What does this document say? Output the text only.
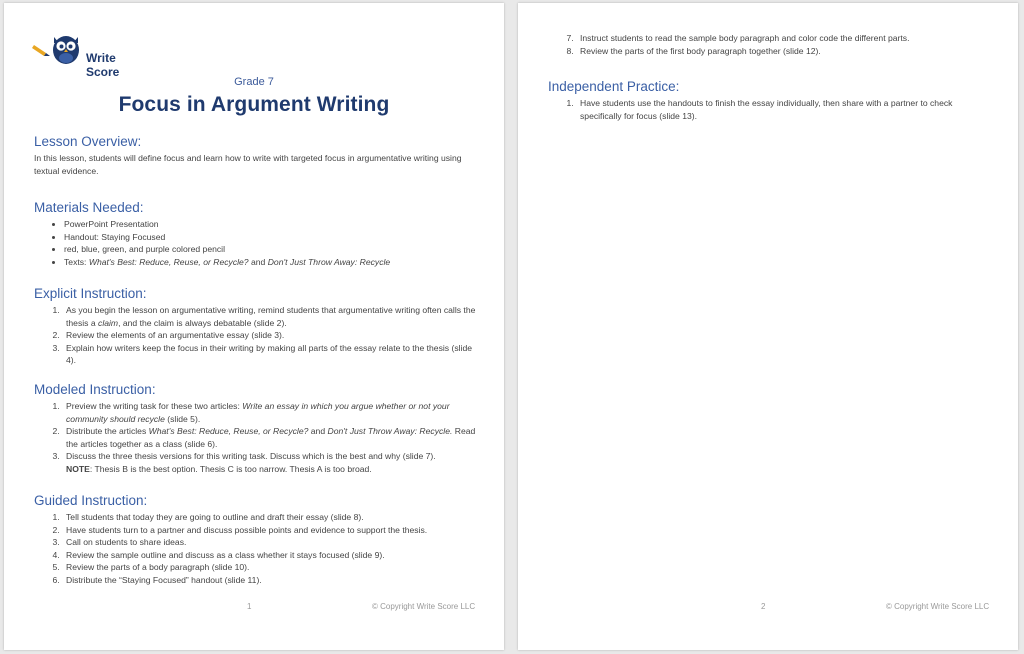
Write Score
Grade 7
Focus in Argument Writing
Lesson Overview:

In this lesson, students will define focus and learn how to write with targeted focus in argumentative writing using textual evidence.

Materials Needed:
• PowerPoint Presentation
• Handout: Staying Focused
• red, blue, green, and purple colored pencil
• Texts: What's Best: Reduce, Reuse, or Recycle? and Don't Just Throw Away: Recycle
Explicit Instruction:
1. As you begin the lesson on argumentative writing, remind students that argumentative writing often calls the thesis a claim, and the claim is always debatable (slide 2).
2. Review the elements of an argumentative essay (slide 3).
3. Explain how writers keep the focus in their writing by making all parts of the essay relate to the thesis (slide 4).
Modeled Instruction:
1. Preview the writing task for these two articles: Write an essay in which you argue whether or not your community should recycle (slide 5).
2. Distribute the articles What's Best: Reduce, Reuse, or Recycle? and Don't Just Throw Away: Recycle. Read the articles together as a class (slide 6).
3. Discuss the three thesis versions for this writing task. Discuss which is the best and why (slide 7).
NOTE: Thesis B is the best option. Thesis C is too narrow. Thesis A is too broad.
Guided Instruction:
1. Tell students that today they are going to outline and draft their essay (slide 8).
2. Have students turn to a partner and discuss possible points and evidence to support the thesis.
3. Call on students to share ideas.
4. Review the sample outline and discuss as a class whether it stays focused (slide 9).
5. Review the parts of a body paragraph (slide 10).
6. Distribute the “Staying Focused” handout (slide 11).
1	© Copyright Write Score LLC
7. Instruct students to read the sample body paragraph and color code the different parts.
8. Review the parts of the first body paragraph together (slide 12).
Independent Practice:
1. Have students use the handouts to finish the essay individually, then share with a partner to check specifically for focus (slide 13).
2	© Copyright Write Score LLC
